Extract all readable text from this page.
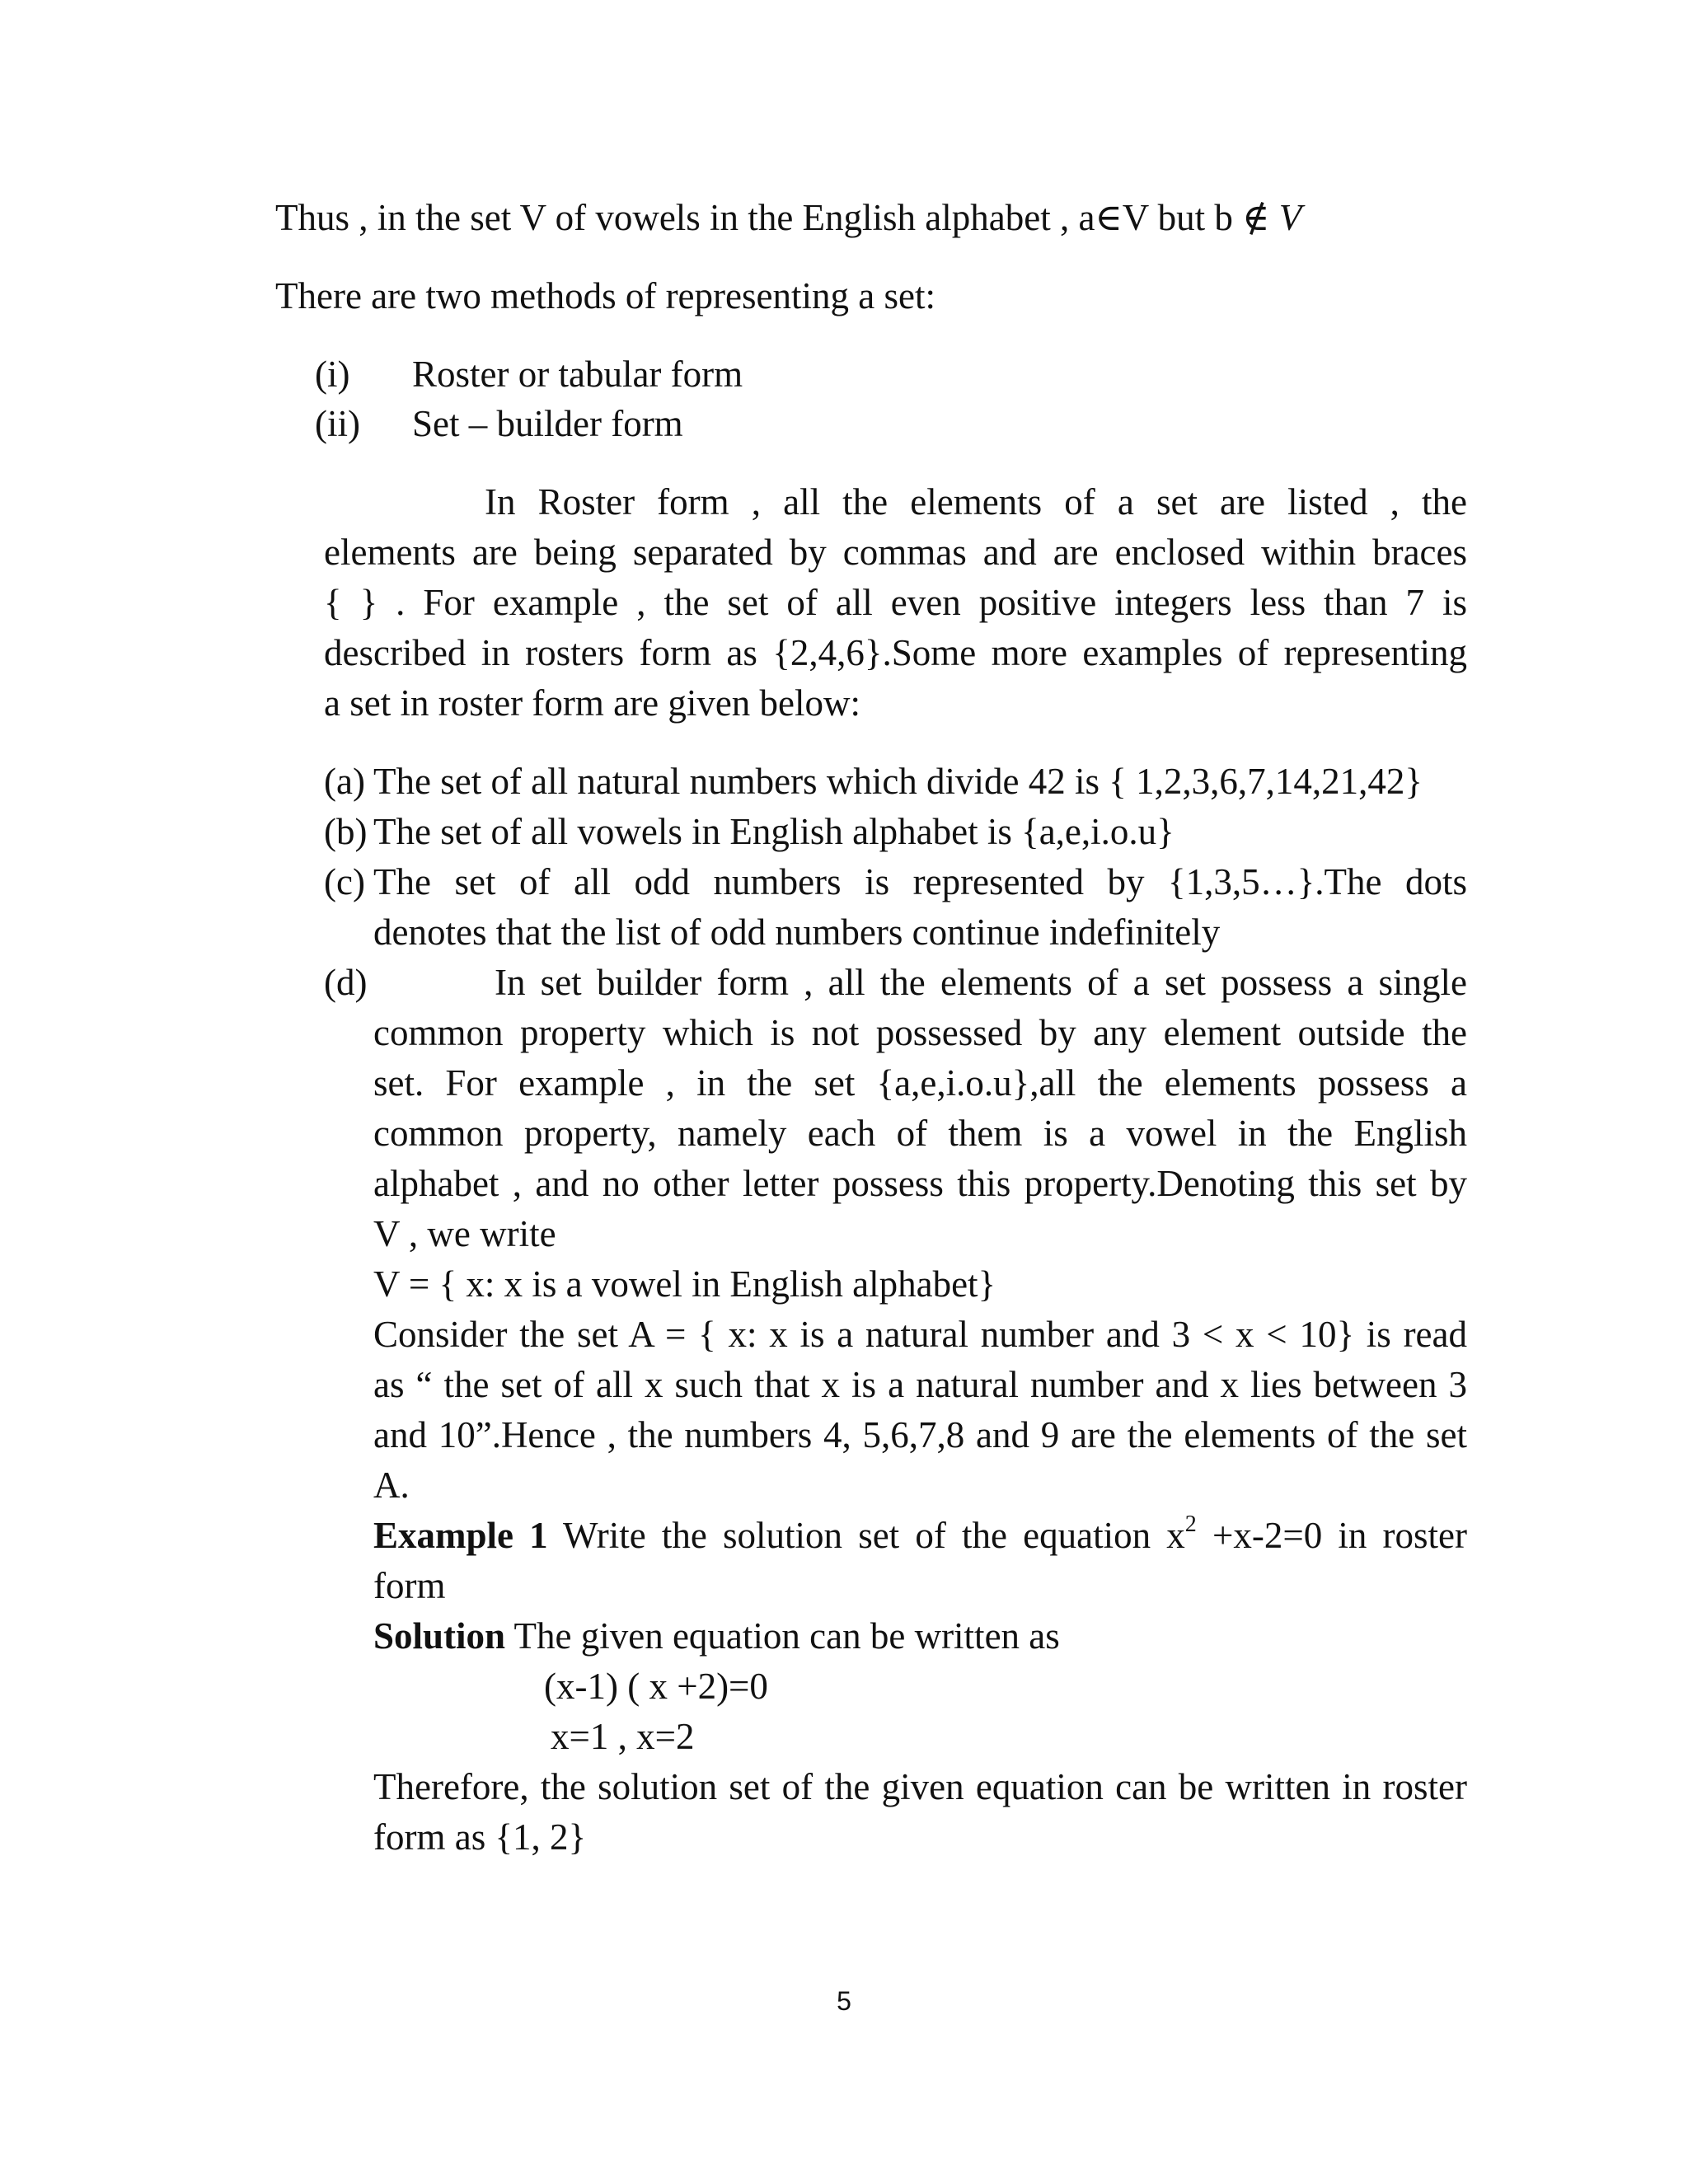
Thus , in the set V of vowels in the English alphabet , a∈V but b ∉ V
There are two methods of representing a set:
(i) Roster or tabular form
(ii) Set – builder form
In Roster form , all the elements of a set are listed , the
elements are being separated by commas and are enclosed within braces
{ } . For example , the set of all even positive integers less than 7 is
described in rosters form as {2,4,6}.Some more examples of representing
a set in roster form are given below:
(a) The set of all natural numbers which divide 42 is { 1,2,3,6,7,14,21,42}
(b) The set of all vowels in English alphabet is {a,e,i.o.u}
(c) The set of all odd numbers is represented by {1,3,5…}.The dots
denotes that the list of odd numbers continue indefinitely
(d)	In set builder form , all the elements of a set possess a single
common property which is not possessed by any element outside the
set. For example , in the set {a,e,i.o.u},all the elements possess a
common property, namely each of them is a vowel in the English
alphabet , and no other letter possess this property.Denoting this set by
V , we write
V = { x: x is a vowel in English alphabet}
Consider the set A = { x: x is a natural number and 3 < x < 10} is read
as “ the set of all x such that x is a natural number and x lies between 3
and 10”.Hence , the numbers 4, 5,6,7,8 and 9 are the elements of the set
A.
Example 1 Write the solution set of the equation $x^2 +x-2=0$ in roster
form
Solution The given equation can be written as
(x-1) ( x +2)=0
x=1 , x=2
Therefore, the solution set of the given equation can be written in roster
form as {1, 2}
5
